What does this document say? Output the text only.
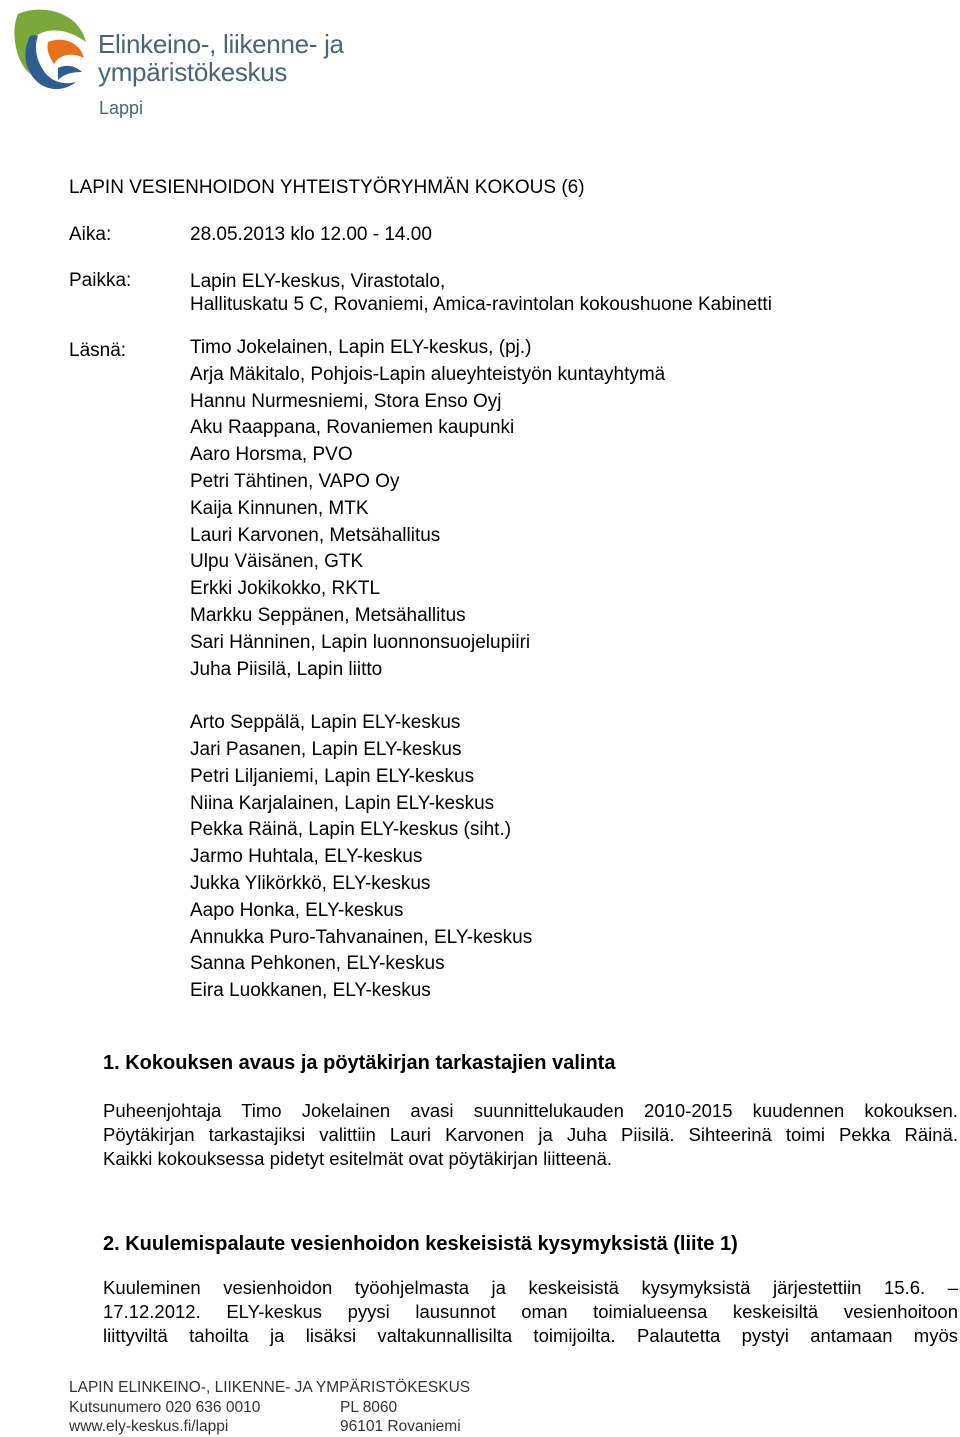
Elinkeino-, liikenne- ja
ympäristökeskus
Lappi
LAPIN VESIENHOIDON YHTEISTYÖRYHMÄN KOKOUS (6)
Aika:	28.05.2013 klo 12.00 - 14.00
Paikka:	Lapin ELY-keskus, Virastotalo,
Hallituskatu 5 C, Rovaniemi, Amica-ravintolan kokoushuone Kabinetti
Läsnä:	Timo Jokelainen, Lapin ELY-keskus, (pj.)
Arja Mäkitalo, Pohjois-Lapin alueyhteistyön kuntayhtymä
Hannu Nurmesniemi, Stora Enso Oyj
Aku Raappana, Rovaniemen kaupunki
Aaro Horsma, PVO
Petri Tähtinen, VAPO Oy
Kaija Kinnunen, MTK
Lauri Karvonen, Metsähallitus
Ulpu Väisänen, GTK
Erkki Jokikokko, RKTL
Markku Seppänen, Metsähallitus
Sari Hänninen, Lapin luonnonsuojelupiiri
Juha Piisilä, Lapin liitto
Arto Seppälä, Lapin ELY-keskus
Jari Pasanen, Lapin ELY-keskus
Petri Liljaniemi, Lapin ELY-keskus
Niina Karjalainen, Lapin ELY-keskus
Pekka Räinä, Lapin ELY-keskus (siht.)
Jarmo Huhtala, ELY-keskus
Jukka Ylikörkkö, ELY-keskus
Aapo Honka, ELY-keskus
Annukka Puro-Tahvanainen, ELY-keskus
Sanna Pehkonen, ELY-keskus
Eira Luokkanen, ELY-keskus
1. Kokouksen avaus ja pöytäkirjan tarkastajien valinta
Puheenjohtaja Timo Jokelainen avasi suunnittelukauden 2010-2015 kuudennen kokouksen.
Pöytäkirjan tarkastajiksi valittiin Lauri Karvonen ja Juha Piisilä. Sihteerinä toimi Pekka Räinä.
Kaikki kokouksessa pidetyt esitelmät ovat pöytäkirjan liitteenä.
2. Kuulemispalaute vesienhoidon keskeisistä kysymyksistä (liite 1)
Kuuleminen vesienhoidon työohjelmasta ja keskeisistä kysymyksistä järjestettiin 15.6. –
17.12.2012. ELY-keskus pyysi lausunnot oman toimialueensa keskeisiltä vesienhoitoon
liittyviltä tahoilta ja lisäksi valtakunnallisilta toimijoilta. Palautetta pystyi antamaan myös
LAPIN ELINKEINO-, LIIKENNE- JA YMPÄRISTÖKESKUS
Kutsunumero 020 636 0010	PL 8060
www.ely-keskus.fi/lappi	96101 Rovaniemi
